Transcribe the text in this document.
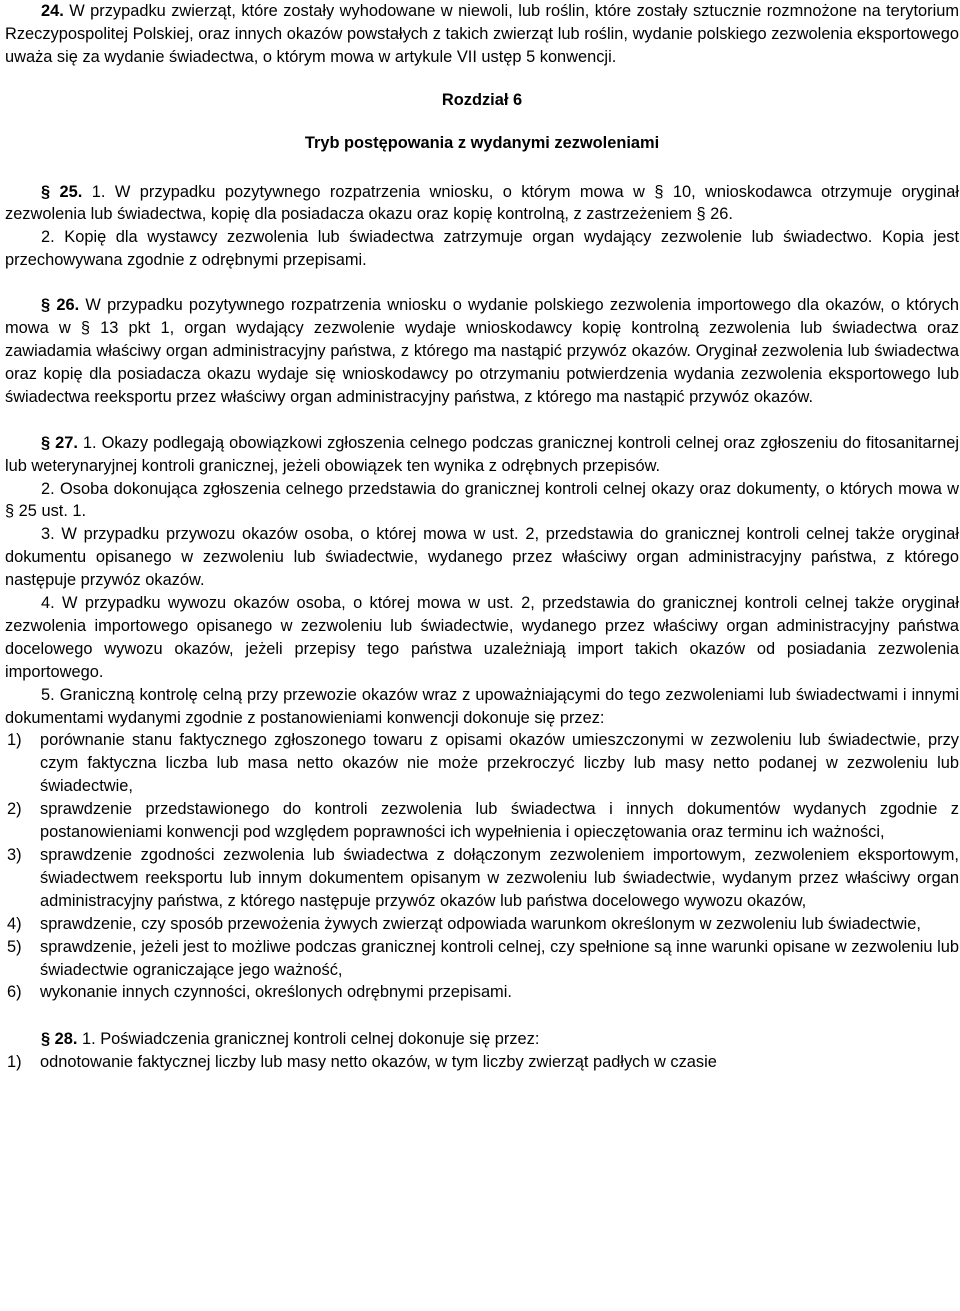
24. W przypadku zwierząt, które zostały wyhodowane w niewoli, lub roślin, które zostały sztucznie rozmnożone na terytorium Rzeczypospolitej Polskiej, oraz innych okazów powstałych z takich zwierząt lub roślin, wydanie polskiego zezwolenia eksportowego uważa się za wydanie świadectwa, o którym mowa w artykule VII ustęp 5 konwencji.

Rozdział 6

Tryb postępowania z wydanymi zezwoleniami

§ 25. 1. W przypadku pozytywnego rozpatrzenia wniosku, o którym mowa w § 10, wnioskodawca otrzymuje oryginał zezwolenia lub świadectwa, kopię dla posiadacza okazu oraz kopię kontrolną, z zastrzeżeniem § 26.

2. Kopię dla wystawcy zezwolenia lub świadectwa zatrzymuje organ wydający zezwolenie lub świadectwo. Kopia jest przechowywana zgodnie z odrębnymi przepisami.

§ 26. W przypadku pozytywnego rozpatrzenia wniosku o wydanie polskiego zezwolenia importowego dla okazów, o których mowa w § 13 pkt 1, organ wydający zezwolenie wydaje wnioskodawcy kopię kontrolną zezwolenia lub świadectwa oraz zawiadamia właściwy organ administracyjny państwa, z którego ma nastąpić przywóz okazów. Oryginał zezwolenia lub świadectwa oraz kopię dla posiadacza okazu wydaje się wnioskodawcy po otrzymaniu potwierdzenia wydania zezwolenia eksportowego lub świadectwa reeksportu przez właściwy organ administracyjny państwa, z którego ma nastąpić przywóz okazów.

§ 27. 1. Okazy podlegają obowiązkowi zgłoszenia celnego podczas granicznej kontroli celnej oraz zgłoszeniu do fitosanitarnej lub weterynaryjnej kontroli granicznej, jeżeli obowiązek ten wynika z odrębnych przepisów.

2. Osoba dokonująca zgłoszenia celnego przedstawia do granicznej kontroli celnej okazy oraz dokumenty, o których mowa w § 25 ust. 1.

3. W przypadku przywozu okazów osoba, o której mowa w ust. 2, przedstawia do granicznej kontroli celnej także oryginał dokumentu opisanego w zezwoleniu lub świadectwie, wydanego przez właściwy organ administracyjny państwa, z którego następuje przywóz okazów.

4. W przypadku wywozu okazów osoba, o której mowa w ust. 2, przedstawia do granicznej kontroli celnej także oryginał zezwolenia importowego opisanego w zezwoleniu lub świadectwie, wydanego przez właściwy organ administracyjny państwa docelowego wywozu okazów, jeżeli przepisy tego państwa uzależniają import takich okazów od posiadania zezwolenia importowego.

5. Graniczną kontrolę celną przy przewozie okazów wraz z upoważniającymi do tego zezwoleniami lub świadectwami i innymi dokumentami wydanymi zgodnie z postanowieniami konwencji dokonuje się przez:

1) porównanie stanu faktycznego zgłoszonego towaru z opisami okazów umieszczonymi w zezwoleniu lub świadectwie, przy czym faktyczna liczba lub masa netto okazów nie może przekroczyć liczby lub masy netto podanej w zezwoleniu lub świadectwie,
2) sprawdzenie przedstawionego do kontroli zezwolenia lub świadectwa i innych dokumentów wydanych zgodnie z postanowieniami konwencji pod względem poprawności ich wypełnienia i opieczętowania oraz terminu ich ważności,
3) sprawdzenie zgodności zezwolenia lub świadectwa z dołączonym zezwoleniem importowym, zezwoleniem eksportowym, świadectwem reeksportu lub innym dokumentem opisanym w zezwoleniu lub świadectwie, wydanym przez właściwy organ administracyjny państwa, z którego następuje przywóz okazów lub państwa docelowego wywozu okazów,
4) sprawdzenie, czy sposób przewożenia żywych zwierząt odpowiada warunkom określonym w zezwoleniu lub świadectwie,
5) sprawdzenie, jeżeli jest to możliwe podczas granicznej kontroli celnej, czy spełnione są inne warunki opisane w zezwoleniu lub świadectwie ograniczające jego ważność,
6) wykonanie innych czynności, określonych odrębnymi przepisami.

§ 28. 1. Poświadczenia granicznej kontroli celnej dokonuje się przez:

1) odnotowanie faktycznej liczby lub masy netto okazów, w tym liczby zwierząt padłych w czasie
